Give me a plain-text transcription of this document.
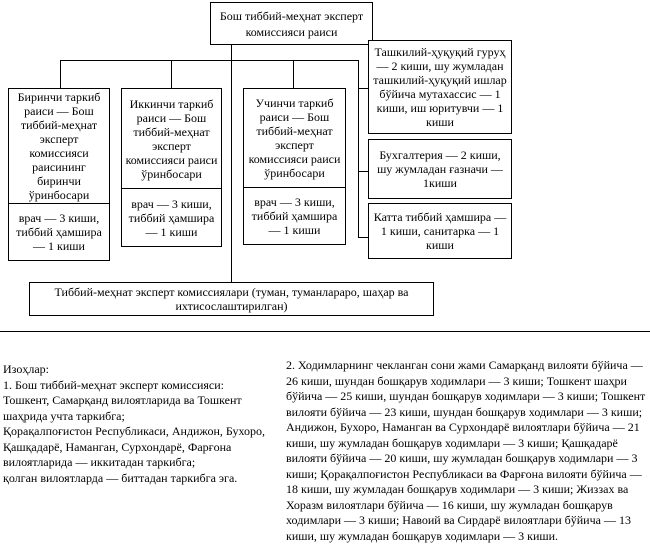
Бош тиббий-меҳнат эксперт комиссияси раиси
Биринчи таркиб раиси — Бош тиббий-меҳнат эксперт комиссияси раисининг биринчи ўринбосари
врач — 3 киши, тиббий ҳамшира — 1 киши
Иккинчи таркиб раиси — Бош тиббий-меҳнат эксперт комиссияси раиси ўринбосари
врач — 3 киши, тиббий ҳамшира — 1 киши
Учинчи таркиб раиси — Бош тиббий-меҳнат эксперт комиссияси раиси ўринбосари
врач — 3 киши, тиббий ҳамшира — 1 киши
Ташкилий-ҳуқуқий гуруҳ — 2 киши, шу жумладан ташкилий-ҳуқуқий ишлар бўйича мутахассис — 1 киши, иш юритувчи — 1 киши
Бухгалтерия — 2 киши, шу жумладан ғазначи — 1киши
Катта тиббий ҳамшира — 1 киши, санитарка — 1 киши
Тиббий-меҳнат эксперт комиссиялари (туман, туманлараро, шаҳар ва ихтисослаштирилган)
Изоҳлар:
1. Бош тиббий-меҳнат эксперт комиссияси:
Тошкент, Самарқанд вилоятларида ва Тошкент
шаҳрида учта таркибга;
Қорақалпоғистон Республикаси, Андижон, Бухоро,
Қашқадарё, Наманган, Сурхондарё, Фарғона
вилоятларида — иккитадан таркибга;
қолган вилоятларда — биттадан таркибга эга.
2. Ходимларнинг чекланган сони жами Самарқанд вилояти бўйича —
26 киши, шундан бошқарув ходимлари — 3 киши; Тошкент шаҳри
бўйича — 25 киши, шундан бошқарув ходимлари — 3 киши; Тошкент
вилояти бўйича — 23 киши, шундан бошқарув ходимлари — 3 киши;
Андижон, Бухоро, Наманган ва Сурхондарё вилоятлари бўйича — 21
киши, шу жумладан бошқарув ходимлари — 3 киши; Қашқадарё
вилояти бўйича — 20 киши, шу жумладан бошқарув ходимлари — 3
киши; Қорақалпоғистон Республикаси ва Фарғона вилояти бўйича —
18 киши, шу жумладан бошқарув ходимлари — 3 киши; Жиззах ва
Хоразм вилоятлари бўйича — 16 киши, шу жумладан бошқарув
ходимлари — 3 киши; Навоий ва Сирдарё вилоятлари бўйича — 13
киши, шу жумладан бошқарув ходимлари — 3 киши.
